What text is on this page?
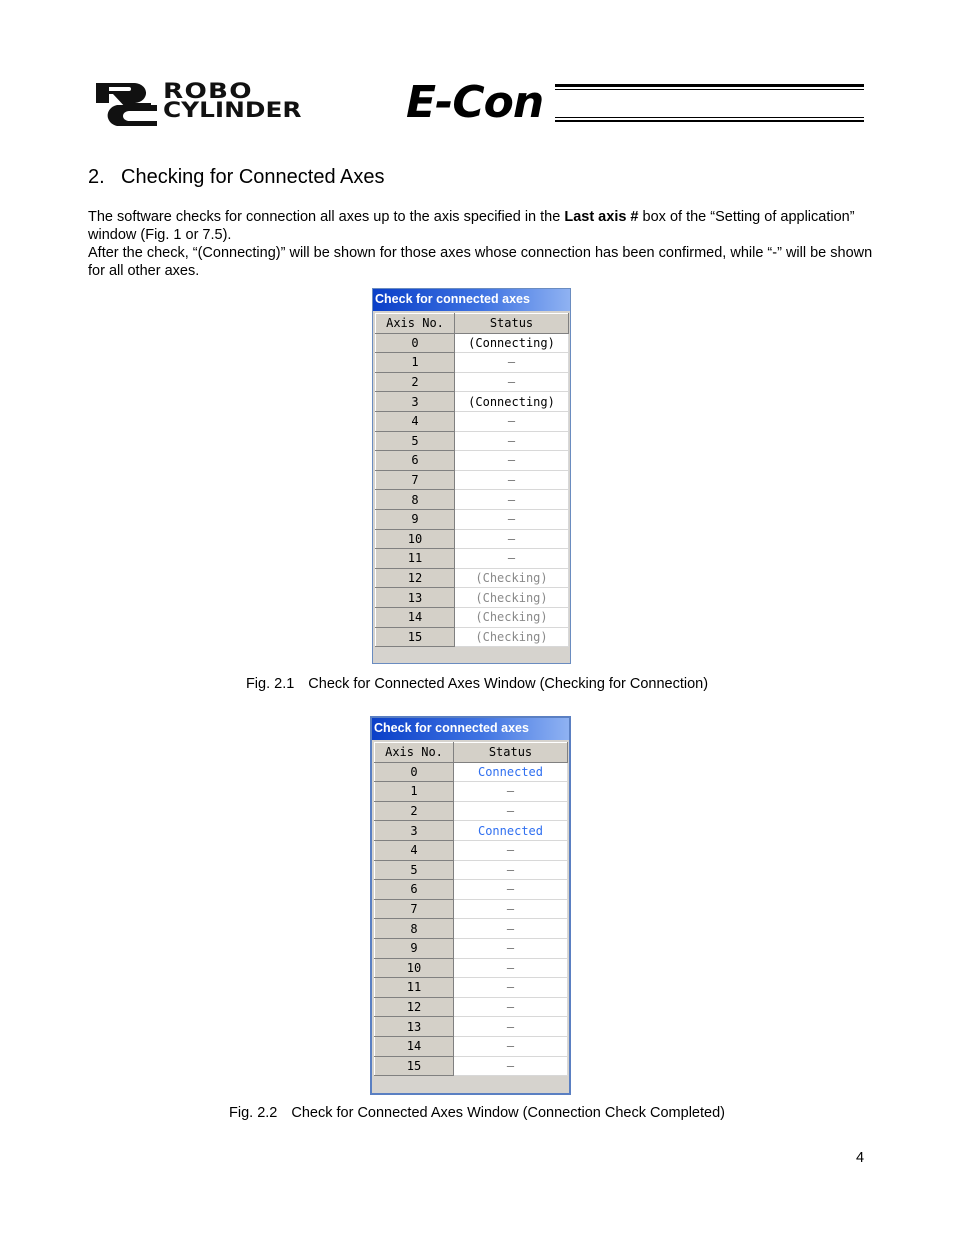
ROBO
CYLINDER E-Con
2. Checking for Connected Axes

The software checks for connection all axes up to the axis specified in the Last axis # box of the “Setting of application” window (Fig. 1 or 7.5).

After the check, “(Connecting)” will be shown for those axes whose connection has been confirmed, while “-” will be shown for all other axes.

Check for connected axes
Axis No.	Status
0	(Connecting)
1	–
2	–
3	(Connecting)
4	–
5	–
6	–
7	–
8	–
9	–
10	–
11	–
12	(Checking)
13	(Checking)
14	(Checking)
15	(Checking)
Fig. 2.1 Check for Connected Axes Window (Checking for Connection)
Check for connected axes
Axis No.	Status
0	Connected
1	–
2	–
3	Connected
4	–
5	–
6	–
7	–
8	–
9	–
10	–
11	–
12	–
13	–
14	–
15	–
Fig. 2.2 Check for Connected Axes Window (Connection Check Completed)
4
